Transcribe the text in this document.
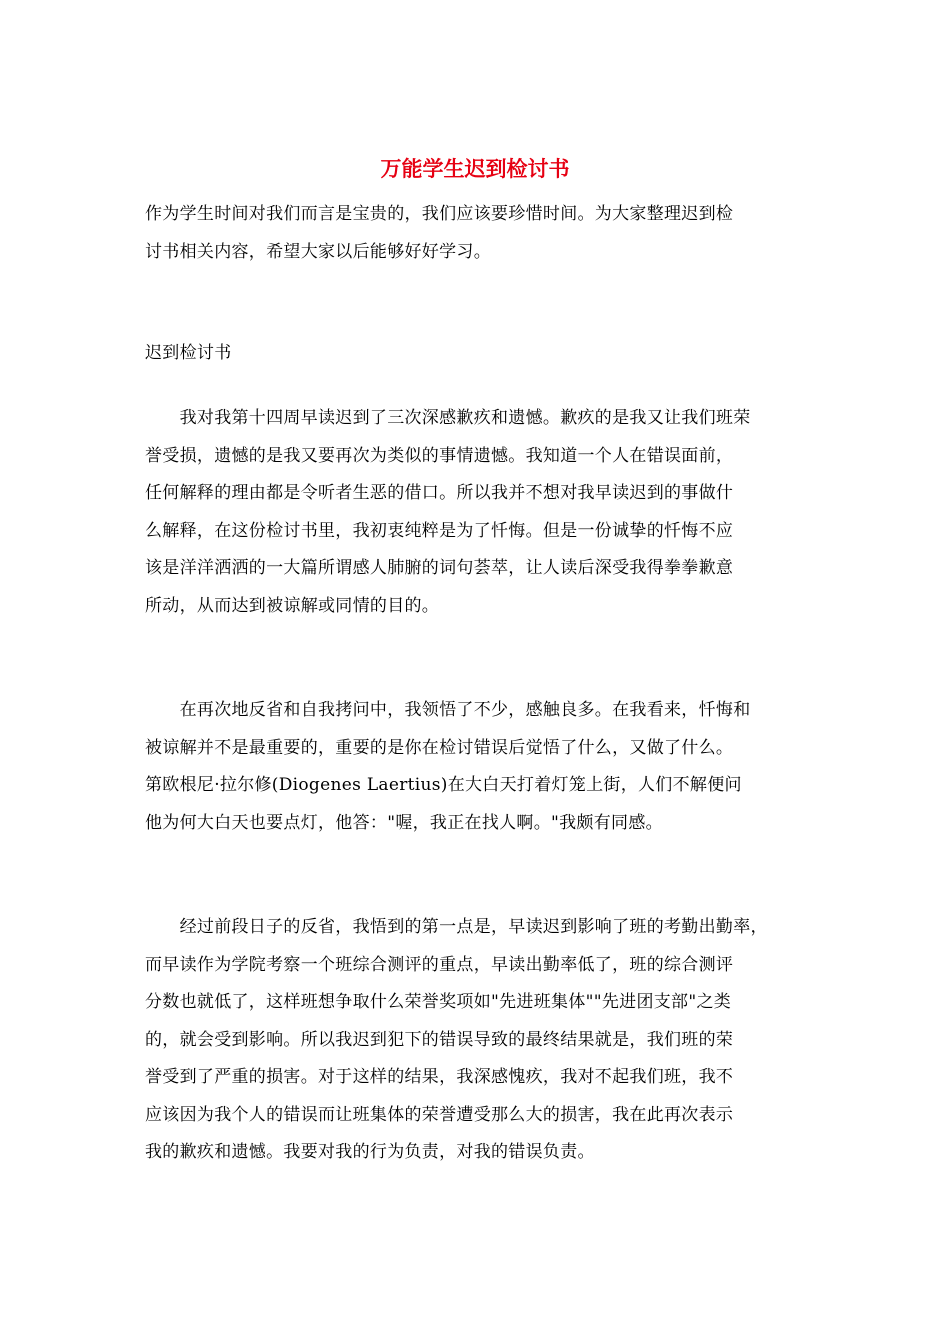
万能学生迟到检讨书

作为学生时间对我们而言是宝贵的，我们应该要珍惜时间。为大家整理迟到检
讨书相关内容，希望大家以后能够好好学习。

迟到检讨书

　　我对我第十四周早读迟到了三次深感歉疚和遗憾。歉疚的是我又让我们班荣
誉受损，遗憾的是我又要再次为类似的事情遗憾。我知道一个人在错误面前，
任何解释的理由都是令听者生恶的借口。所以我并不想对我早读迟到的事做什
么解释，在这份检讨书里，我初衷纯粹是为了忏悔。但是一份诚挚的忏悔不应
该是洋洋洒洒的一大篇所谓感人肺腑的词句荟萃，让人读后深受我得拳拳歉意
所动，从而达到被谅解或同情的目的。

　　在再次地反省和自我拷问中，我领悟了不少，感触良多。在我看来，忏悔和
被谅解并不是最重要的，重要的是你在检讨错误后觉悟了什么，又做了什么。
第欧根尼·拉尔修(Diogenes Laertius)在大白天打着灯笼上街，人们不解便问
他为何大白天也要点灯，他答："喔，我正在找人啊。"我颇有同感。

　　经过前段日子的反省，我悟到的第一点是，早读迟到影响了班的考勤出勤率，
而早读作为学院考察一个班综合测评的重点，早读出勤率低了，班的综合测评
分数也就低了，这样班想争取什么荣誉奖项如"先进班集体""先进团支部"之类
的，就会受到影响。所以我迟到犯下的错误导致的最终结果就是，我们班的荣
誉受到了严重的损害。对于这样的结果，我深感愧疚，我对不起我们班，我不
应该因为我个人的错误而让班集体的荣誉遭受那么大的损害，我在此再次表示
我的歉疚和遗憾。我要对我的行为负责，对我的错误负责。
